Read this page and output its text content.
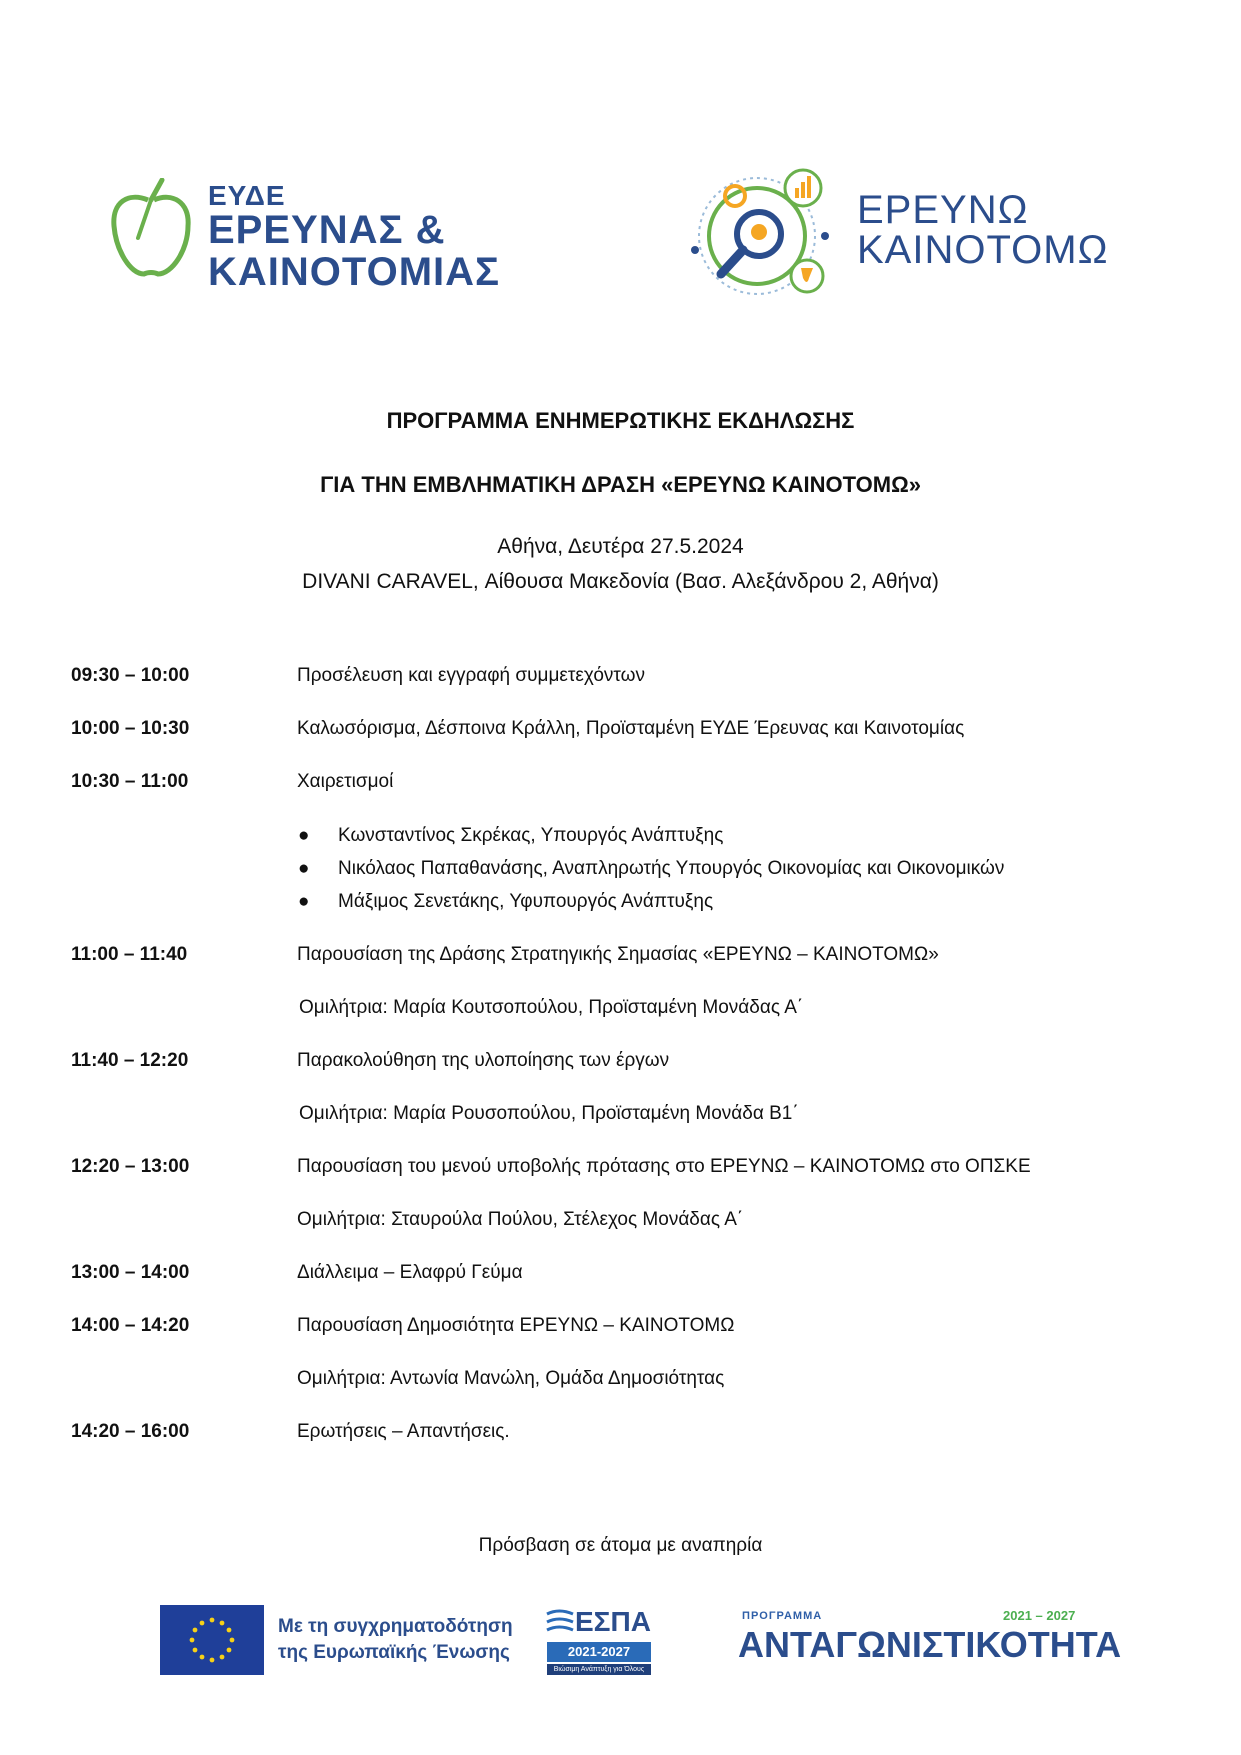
ΕΥΔΕ
ΕΡΕΥΝΑΣ &
ΚΑΙΝΟΤΟΜΙΑΣ
ΕΡΕΥΝΩ
ΚΑΙΝΟΤΟΜΩ
ΠΡΟΓΡΑΜΜΑ ΕΝΗΜΕΡΩΤΙΚΗΣ ΕΚΔΗΛΩΣΗΣ
ΓΙΑ ΤΗΝ ΕΜΒΛΗΜΑΤΙΚΗ ΔΡΑΣΗ «ΕΡΕΥΝΩ ΚΑΙΝΟΤΟΜΩ»
Αθήνα, Δευτέρα 27.5.2024
DIVANI CARAVEL, Αίθουσα Μακεδονία (Βασ. Αλεξάνδρου 2, Αθήνα)
09:30 – 10:00	Προσέλευση και εγγραφή συμμετεχόντων
10:00 – 10:30	Καλωσόρισμα, Δέσποινα Κράλλη, Προϊσταμένη ΕΥΔΕ Έρευνας και Καινοτομίας
10:30 – 11:00	Χαιρετισμοί
● Κωνσταντίνος Σκρέκας, Υπουργός Ανάπτυξης
● Νικόλαος Παπαθανάσης, Αναπληρωτής Υπουργός Οικονομίας και Οικονομικών
● Μάξιμος Σενετάκης, Υφυπουργός Ανάπτυξης
11:00 – 11:40	Παρουσίαση της Δράσης Στρατηγικής Σημασίας «ΕΡΕΥΝΩ – ΚΑΙΝΟΤΟΜΩ»
Ομιλήτρια: Μαρία Κουτσοπούλου, Προϊσταμένη Μονάδας Α΄
11:40 – 12:20	Παρακολούθηση της υλοποίησης των έργων
Ομιλήτρια: Μαρία Ρουσοπούλου, Προϊσταμένη Μονάδα Β1΄
12:20 – 13:00	Παρουσίαση του μενού υποβολής πρότασης στο ΕΡΕΥΝΩ – ΚΑΙΝΟΤΟΜΩ στο ΟΠΣΚΕ
Ομιλήτρια: Σταυρούλα Πούλου, Στέλεχος Μονάδας Α΄
13:00 – 14:00	Διάλλειμα – Ελαφρύ Γεύμα
14:00 – 14:20	Παρουσίαση Δημοσιότητα ΕΡΕΥΝΩ – ΚΑΙΝΟΤΟΜΩ
Ομιλήτρια: Αντωνία Μανώλη, Ομάδα Δημοσιότητας
14:20 – 16:00	Ερωτήσεις – Απαντήσεις.
Πρόσβαση σε άτομα με αναπηρία
Με τη συγχρηματοδότηση
της Ευρωπαϊκής Ένωσης
ΕΣΠΑ
2021-2027
Βιώσιμη Ανάπτυξη για Όλους
ΠΡΟΓΡΑΜΜΑ	2021 – 2027
ΑΝΤΑΓΩΝΙΣΤΙΚΟΤΗΤΑ
